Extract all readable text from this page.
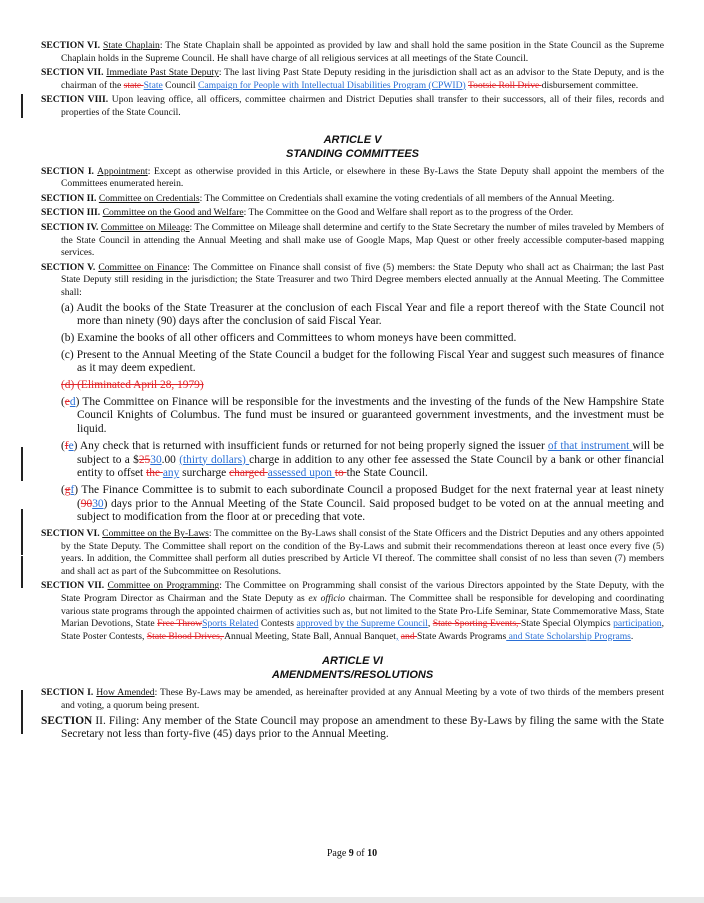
SECTION VI. State Chaplain: The State Chaplain shall be appointed as provided by law and shall hold the same position in the State Council as the Supreme Chaplain holds in the Supreme Council. He shall have charge of all religious services at all meetings of the State Council.

SECTION VII. Immediate Past State Deputy: The last living Past State Deputy residing in the jurisdiction shall act as an advisor to the State Deputy, and is the chairman of the state State Council Campaign for People with Intellectual Disabilities Program (CPWID) Tootsie Roll Drive disbursement committee.

SECTION VIII. Upon leaving office, all officers, committee chairmen and District Deputies shall transfer to their successors, all of their files, records and properties of the State Council.

ARTICLE V

STANDING COMMITTEES

SECTION I. Appointment: Except as otherwise provided in this Article, or elsewhere in these By-Laws the State Deputy shall appoint the members of the Committees enumerated herein.

SECTION II. Committee on Credentials: The Committee on Credentials shall examine the voting credentials of all members of the Annual Meeting.

SECTION III. Committee on the Good and Welfare: The Committee on the Good and Welfare shall report as to the progress of the Order.

SECTION IV. Committee on Mileage: The Committee on Mileage shall determine and certify to the State Secretary the number of miles traveled by Members of the State Council in attending the Annual Meeting and shall make use of Google Maps, Map Quest or other freely accessible computer-based mapping services.

SECTION V. Committee on Finance: The Committee on Finance shall consist of five (5) members: the State Deputy who shall act as Chairman; the last Past State Deputy still residing in the jurisdiction; the State Treasurer and two Third Degree members elected annually at the Annual Meeting. The Committee shall:

(a) Audit the books of the State Treasurer at the conclusion of each Fiscal Year and file a report thereof with the State Council not more than ninety (90) days after the conclusion of said Fiscal Year.

(b) Examine the books of all other officers and Committees to whom moneys have been committed.

(c) Present to the Annual Meeting of the State Council a budget for the following Fiscal Year and suggest such measures of finance as it may deem expedient.

(d) (Eliminated April 28, 1979)

(ed) The Committee on Finance will be responsible for the investments and the investing of the funds of the New Hampshire State Council Knights of Columbus. The fund must be insured or guaranteed government investments, and the investment must be liquid.

(fe) Any check that is returned with insufficient funds or returned for not being properly signed the issuer of that instrument will be subject to a $2530.00 (thirty dollars) charge in addition to any other fee assessed the State Council by a bank or other financial entity to offset the any surcharge charged assessed upon to the State Council.

(gf) The Finance Committee is to submit to each subordinate Council a proposed Budget for the next fraternal year at least ninety (9030) days prior to the Annual Meeting of the State Council. Said proposed budget to be voted on at the annual meeting and subject to modification from the floor at or preceding that vote.

SECTION VI. Committee on the By-Laws: The committee on the By-Laws shall consist of the State Officers and the District Deputies and any others appointed by the State Deputy. The Committee shall report on the condition of the By-Laws and submit their recommendations thereon at least once every five (5) years. In addition, the Committee shall perform all duties prescribed by Article VI thereof. The committee shall consist of no less than seven (7) members and shall act as part of the Subcommittee on Resolutions.

SECTION VII. Committee on Programming: The Committee on Programming shall consist of the various Directors appointed by the State Deputy, with the State Program Director as Chairman and the State Deputy as ex officio chairman. The Committee shall be responsible for developing and coordinating various state programs through the appointed chairmen of activities such as, but not limited to the State Pro-Life Seminar, State Commemorative Mass, State Marian Devotions, State Free ThrowSports Related Contests approved by the Supreme Council, State Sporting Events, State Special Olympics participation, State Poster Contests, State Blood Drives, Annual Meeting, State Ball, Annual Banquet, and State Awards Programs and State Scholarship Programs.

ARTICLE VI

AMENDMENTS/RESOLUTIONS

SECTION I. How Amended: These By-Laws may be amended, as hereinafter provided at any Annual Meeting by a vote of two thirds of the members present and voting, a quorum being present.

SECTION II. Filing: Any member of the State Council may propose an amendment to these By-Laws by filing the same with the State Secretary not less than forty-five (45) days prior to the Annual Meeting.

Page 9 of 10
